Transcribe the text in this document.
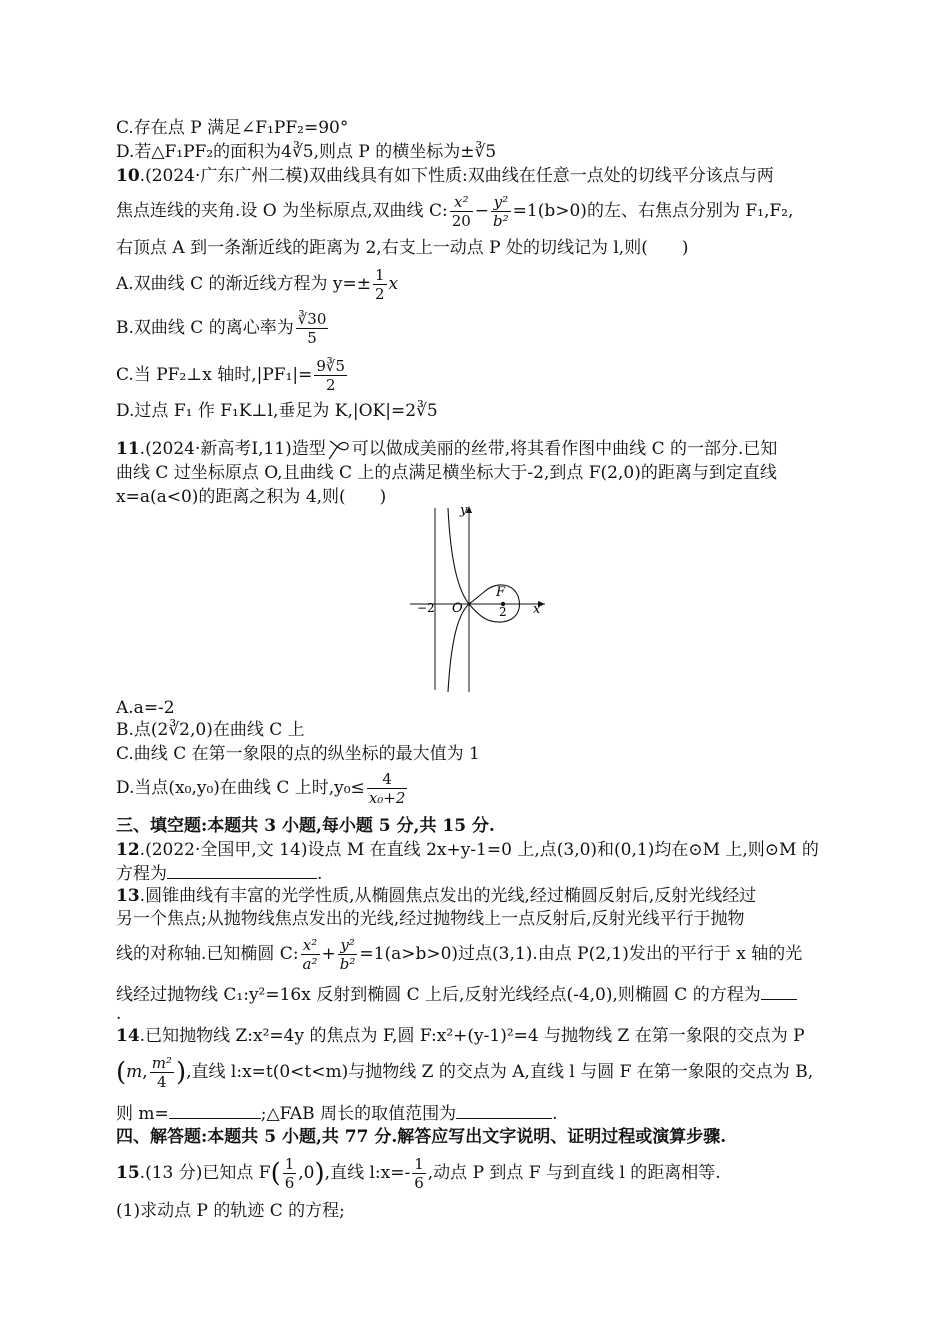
C.存在点 P 满足∠F₁PF₂=90°
D.若△F₁PF₂的面积为4∛5,则点 P 的横坐标为±∛5
10.(2024·广东广州二模)双曲线具有如下性质:双曲线在任意一点处的切线平分该点与两
焦点连线的夹角.设 O 为坐标原点,双曲线 C: $\frac{\text{x²}}{20} - \frac{\text{y²}}{\text{b²}} =1(b>0)$的左、右焦点分别为 F₁,F₂,
右顶点 A 到一条渐近线的距离为 2,右支上一动点 P 处的切线记为 l,则(　　)
A.双曲线 C 的渐近线方程为 $y=\pm \frac{1}{2}$ x
B.双曲线 C 的离心率为 $\frac{∛30}{5}$
C.当 PF₂⊥x 轴时$,|PF_1|= \frac{9∛5}{2}$
D.过点 F₁ 作 F₁K⊥l,垂足为 K,|OK|=2∛5
11.(2024·新高考Ⅰ,11)造型 可以做成美丽的丝带,将其看作图中曲线 C 的一部分.已知
曲线 C 过坐标原点 O,且曲线 C 上的点满足横坐标大于-2,到点 F(2,0)的距离与到定直线
x=a(a<0)的距离之积为 4,则(　　)
y
x
O
F
−2	2
A.a=-2
B.点(2∛2,0)在曲线 C 上
C.曲线 C 在第一象限的点的纵坐标的最大值为 1
D.当点(x₀,y₀)在曲线 C 上时$,y_0\le \frac{4}{\text{x₀+2}}$
三、填空题:本题共 3 小题,每小题 5 分,共 15 分.
12.(2022·全国甲,文 14)设点 M 在直线 2x+y-1=0 上,点(3,0)和(0,1)均在⊙M 上,则⊙M 的
方程为	.
13.圆锥曲线有丰富的光学性质,从椭圆焦点发出的光线,经过椭圆反射后,反射光线经过
另一个焦点;从抛物线焦点发出的光线,经过抛物线上一点反射后,反射光线平行于抛物
线的对称轴.已知椭圆 C: $\frac{\text{x²}}{\text{a²}} + \frac{\text{y²}}{\text{b²}} =1(a>b>0)$过点(3,1).由点 P(2,1)发出的平行于 x 轴的光
线经过抛物线 C₁:y²=16x 反射到椭圆 C 上后,反射光线经点(-4,0),则椭圆 C 的方程为
.
14.已知抛物线 Z:x²=4y 的焦点为 F,圆 F:x²+(y-1)²=4 与抛物线 Z 在第一象限的交点为 P
(m, $\frac{\text{m²}}{4}$ ),直线 l:x=t(0<t<m)与抛物线 Z 的交点为 A,直线 l 与圆 F 在第一象限的交点为 B,
则 m=	;△FAB 周长的取值范围为	.
四、解答题:本题共 5 小题,共 77 分.解答应写出文字说明、证明过程或演算步骤.
15.(13 分)已知点 $F( \frac{1}{6} ,0)$,直线 l:x=- $\frac{1}{6}$ ,动点 P 到点 F 与到直线 l 的距离相等.
(1)求动点 P 的轨迹 C 的方程;
